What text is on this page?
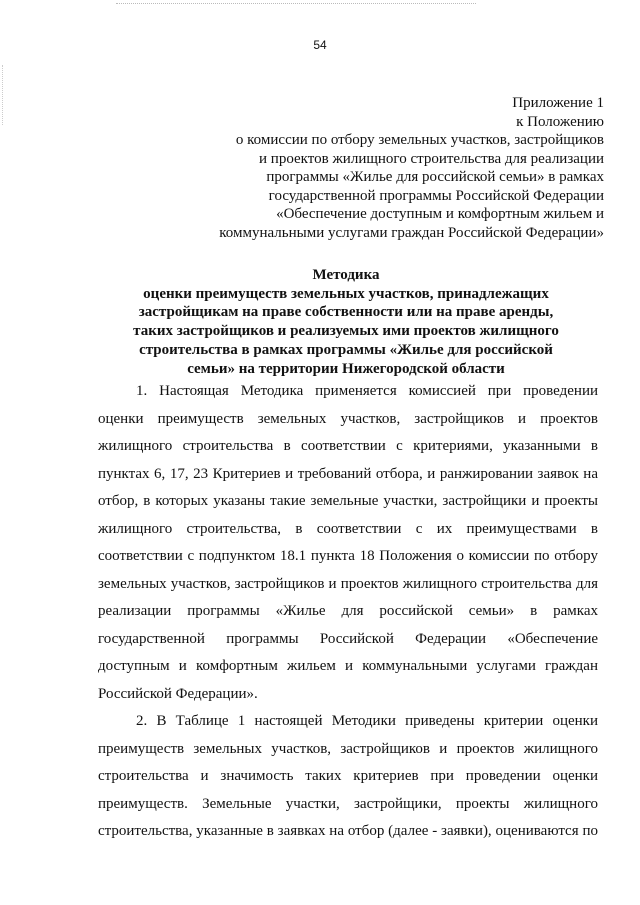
54
Приложение 1
к Положению
о комиссии по отбору земельных участков, застройщиков
и проектов жилищного строительства для реализации
программы «Жилье для российской семьи» в рамках
государственной программы Российской Федерации
«Обеспечение доступным и комфортным жильем и
коммунальными услугами граждан Российской Федерации»
Методика
оценки преимуществ земельных участков, принадлежащих
застройщикам на праве собственности или на праве аренды,
таких застройщиков и реализуемых ими проектов жилищного
строительства в рамках программы «Жилье для российской
семьи» на территории Нижегородской области
1. Настоящая Методика применяется комиссией при проведении
оценки преимуществ земельных участков, застройщиков и проектов
жилищного строительства в соответствии с критериями, указанными в
пунктах 6, 17, 23 Критериев и требований отбора, и ранжировании заявок на
отбор, в которых указаны такие земельные участки, застройщики и проекты
жилищного строительства, в соответствии с их преимуществами в
соответствии с подпунктом 18.1 пункта 18 Положения о комиссии по отбору
земельных участков, застройщиков и проектов жилищного строительства для
реализации программы «Жилье для российской семьи» в рамках
государственной программы Российской Федерации «Обеспечение
доступным и комфортным жильем и коммунальными услугами граждан
Российской Федерации».
2. В Таблице 1 настоящей Методики приведены критерии оценки
преимуществ земельных участков, застройщиков и проектов жилищного
строительства и значимость таких критериев при проведении оценки
преимуществ. Земельные участки, застройщики, проекты жилищного
строительства, указанные в заявках на отбор (далее - заявки), оцениваются по
